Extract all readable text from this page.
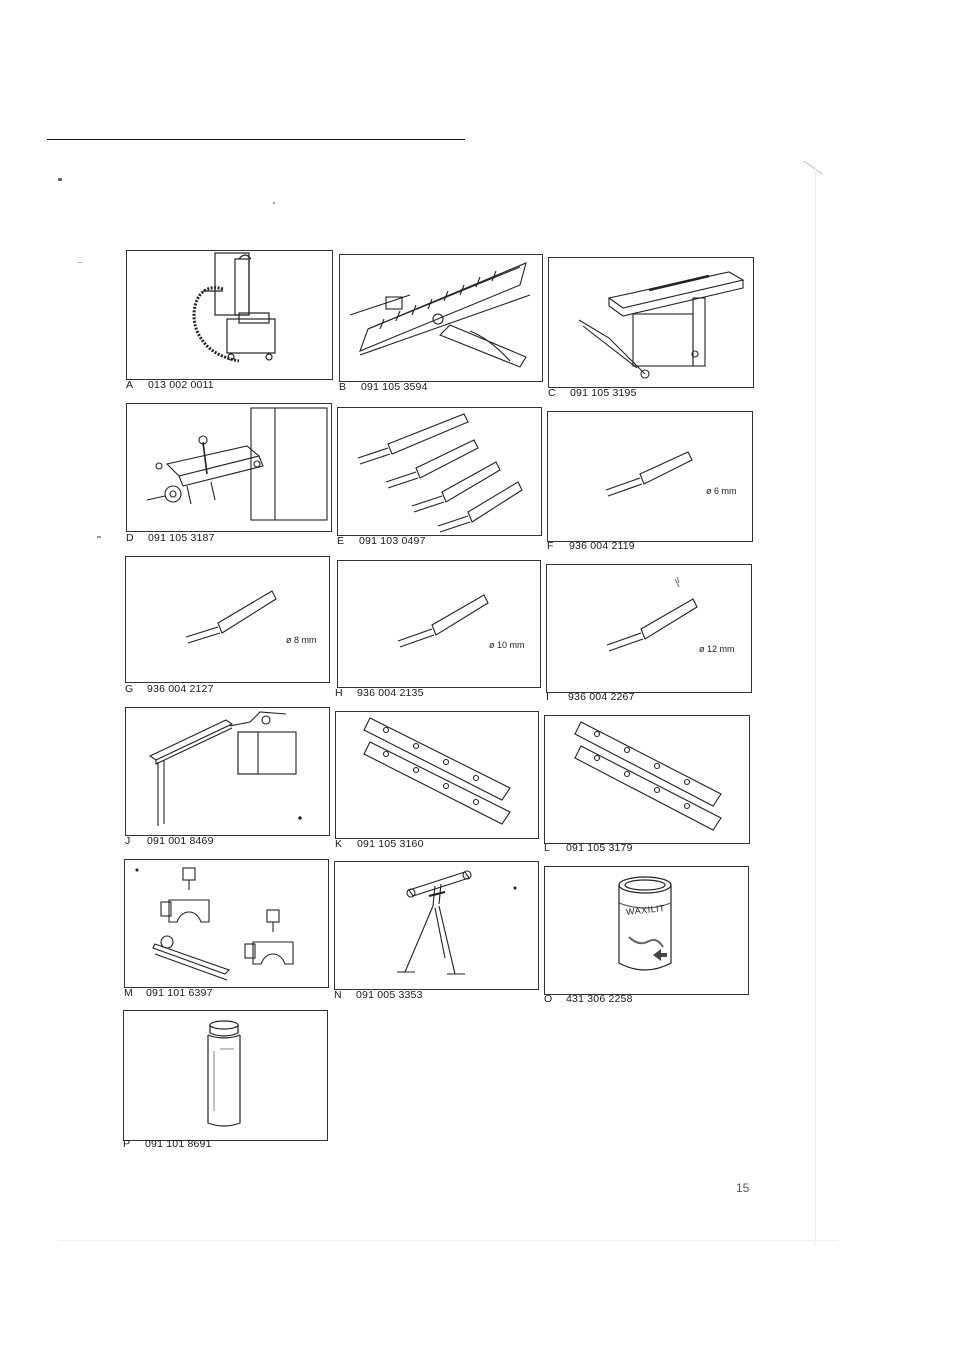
A 013 002 0011	B 091 105 3594	C 091 105 3195
D 091 105 3187	E 091 103 0497
ø 6 mm
F 936 004 2119
ø 8 mm
G 936 004 2127
ø 10 mm
H 936 004 2135
ø 12 mm
I 936 004 2267
J 091 001 8469	K 091 105 3160	L 091 105 3179
M 091 101 6397	N 091 005 3353
WAXILIT
O 431 306 2258
P 091 101 8691
15
